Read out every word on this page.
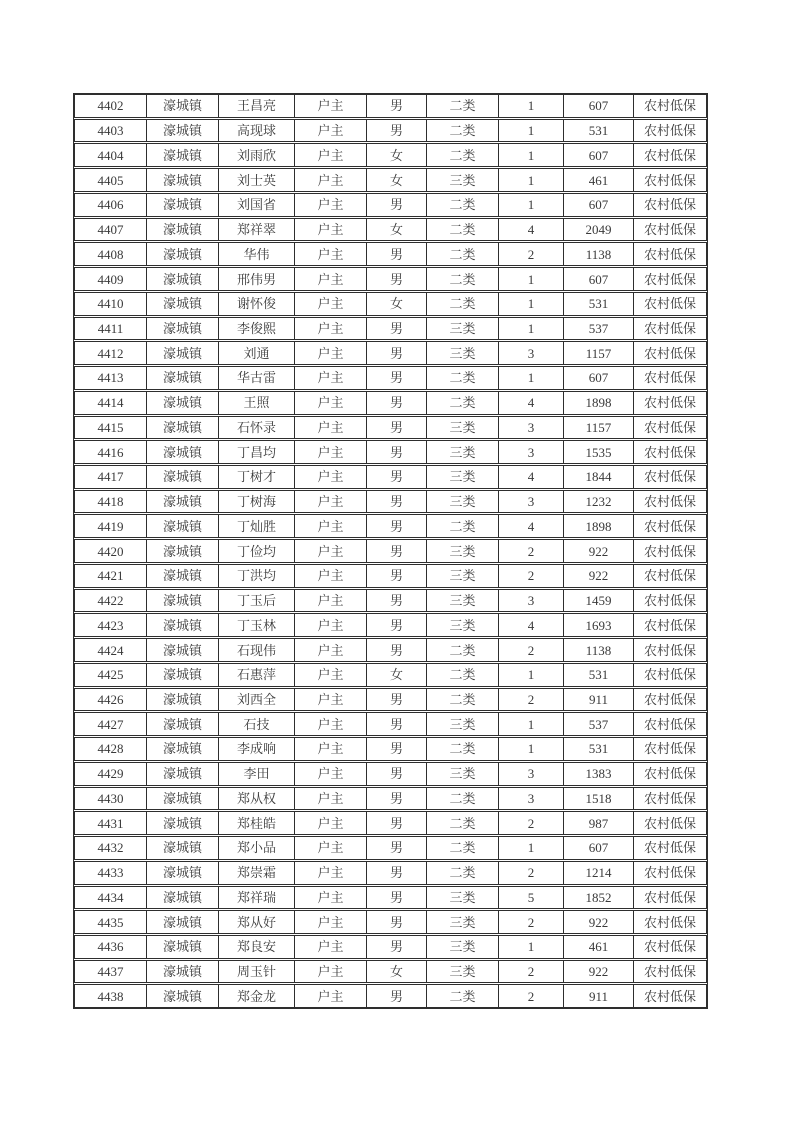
4402	濠城镇	王昌亮	户主	男	二类	1	607	农村低保
4403	濠城镇	高现球	户主	男	二类	1	531	农村低保
4404	濠城镇	刘雨欣	户主	女	二类	1	607	农村低保
4405	濠城镇	刘士英	户主	女	三类	1	461	农村低保
4406	濠城镇	刘国省	户主	男	二类	1	607	农村低保
4407	濠城镇	郑祥翠	户主	女	二类	4	2049	农村低保
4408	濠城镇	华伟	户主	男	二类	2	1138	农村低保
4409	濠城镇	邢伟男	户主	男	二类	1	607	农村低保
4410	濠城镇	谢怀俊	户主	女	二类	1	531	农村低保
4411	濠城镇	李俊熙	户主	男	三类	1	537	农村低保
4412	濠城镇	刘通	户主	男	三类	3	1157	农村低保
4413	濠城镇	华古雷	户主	男	二类	1	607	农村低保
4414	濠城镇	王照	户主	男	二类	4	1898	农村低保
4415	濠城镇	石怀录	户主	男	三类	3	1157	农村低保
4416	濠城镇	丁昌均	户主	男	三类	3	1535	农村低保
4417	濠城镇	丁树才	户主	男	三类	4	1844	农村低保
4418	濠城镇	丁树海	户主	男	三类	3	1232	农村低保
4419	濠城镇	丁灿胜	户主	男	二类	4	1898	农村低保
4420	濠城镇	丁俭均	户主	男	三类	2	922	农村低保
4421	濠城镇	丁洪均	户主	男	三类	2	922	农村低保
4422	濠城镇	丁玉后	户主	男	三类	3	1459	农村低保
4423	濠城镇	丁玉林	户主	男	三类	4	1693	农村低保
4424	濠城镇	石现伟	户主	男	二类	2	1138	农村低保
4425	濠城镇	石惠萍	户主	女	二类	1	531	农村低保
4426	濠城镇	刘西全	户主	男	二类	2	911	农村低保
4427	濠城镇	石技	户主	男	三类	1	537	农村低保
4428	濠城镇	李成响	户主	男	二类	1	531	农村低保
4429	濠城镇	李田	户主	男	三类	3	1383	农村低保
4430	濠城镇	郑从权	户主	男	二类	3	1518	农村低保
4431	濠城镇	郑桂皓	户主	男	二类	2	987	农村低保
4432	濠城镇	郑小品	户主	男	二类	1	607	农村低保
4433	濠城镇	郑崇霜	户主	男	二类	2	1214	农村低保
4434	濠城镇	郑祥瑞	户主	男	三类	5	1852	农村低保
4435	濠城镇	郑从好	户主	男	三类	2	922	农村低保
4436	濠城镇	郑良安	户主	男	三类	1	461	农村低保
4437	濠城镇	周玉针	户主	女	三类	2	922	农村低保
4438	濠城镇	郑金龙	户主	男	二类	2	911	农村低保
